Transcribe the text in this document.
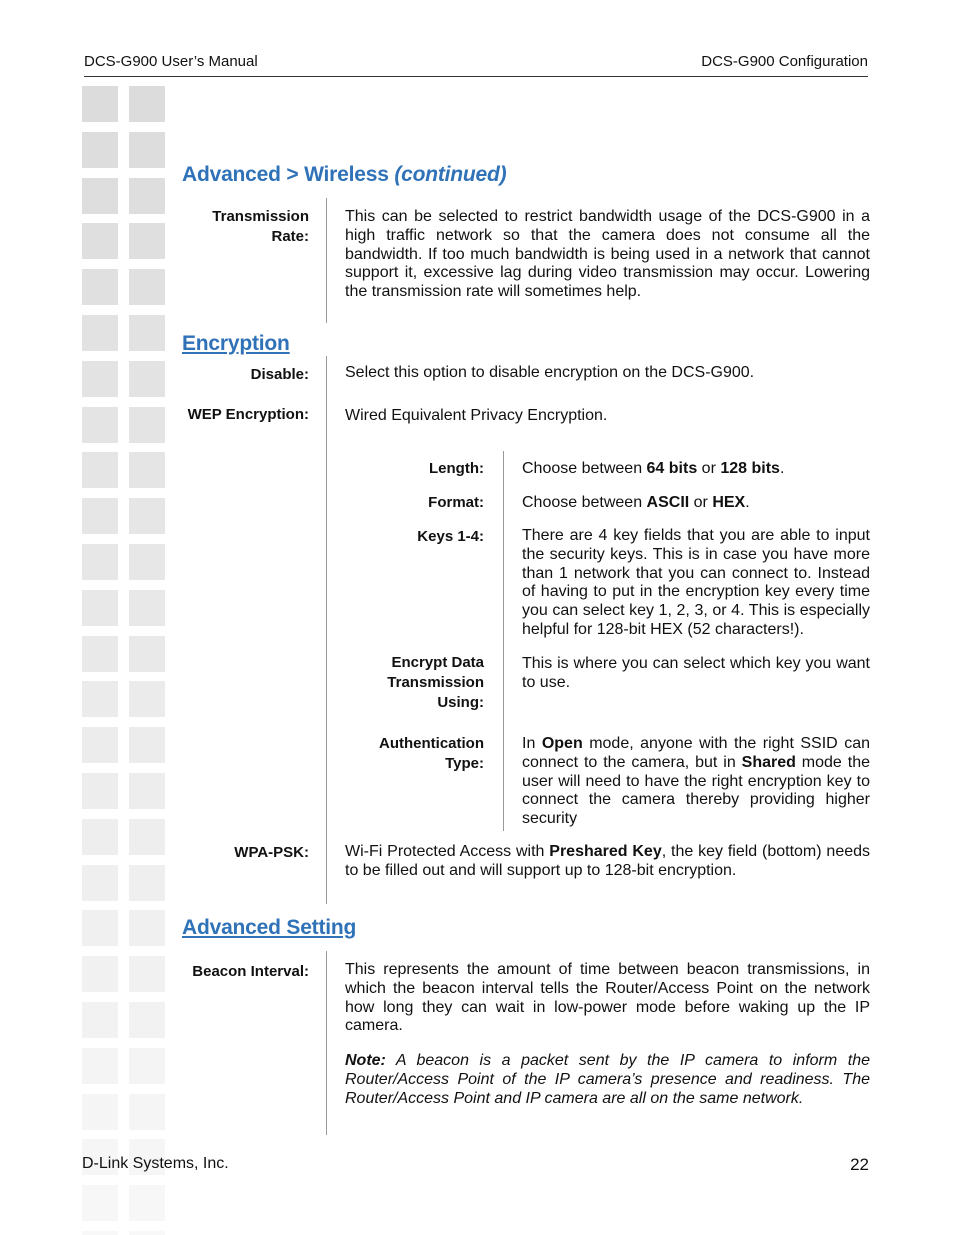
DCS-G900 User’s Manual	DCS-G900 Configuration
Advanced > Wireless (continued)
Transmission
Rate:
This can be selected to restrict bandwidth usage of the DCS-G900 in a high traffic network so that the camera does not consume all the bandwidth. If too much bandwidth is being used in a network that cannot support it, excessive lag during video transmission may occur. Lowering the transmission rate will sometimes help.
Encryption
Disable: Select this option to disable encryption on the DCS-G900.
WEP Encryption: Wired Equivalent Privacy Encryption.
Length: Choose between 64 bits or 128 bits.
Format: Choose between ASCII or HEX.
Keys 1-4: There are 4 key fields that you are able to input the security keys. This is in case you have more than 1 network that you can connect to. Instead of having to put in the encryption key every time you can select key 1, 2, 3, or 4. This is especially helpful for 128-bit HEX (52 characters!).
Encrypt Data
Transmission
Using:
This is where you can select which key you want to use.
Authentication
Type:
In Open mode, anyone with the right SSID can connect to the camera, but in Shared mode the user will need to have the right encryption key to connect the camera thereby providing higher security
WPA-PSK: Wi-Fi Protected Access with Preshared Key, the key field (bottom) needs to be filled out and will support up to 128-bit encryption.
Advanced Setting
Beacon Interval: This represents the amount of time between beacon transmissions, in which the beacon interval tells the Router/Access Point on the network how long they can wait in low-power mode before waking up the IP camera.
Note: A beacon is a packet sent by the IP camera to inform the Router/Access Point of the IP camera’s presence and readiness. The Router/Access Point and IP camera are all on the same network.
D-Link Systems, Inc.	22
